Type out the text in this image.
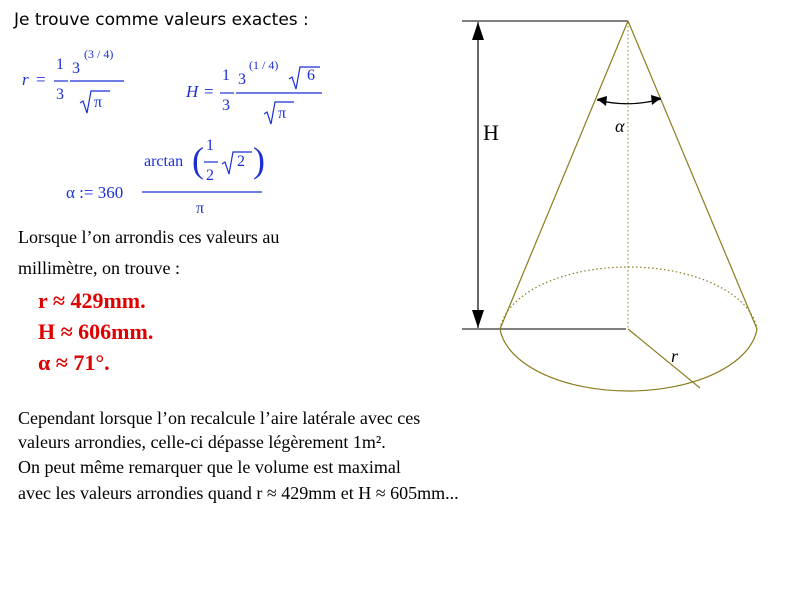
Je trouve comme valeurs exactes :
r =
1
3
3
(3 / 4)
π
H =
1
3
3
(1 / 4)
6
π
α := 360
arctan
1
2
2
π
( )
Lorsque l’on arrondis ces valeurs au
millimètre, on trouve :
r ≈ 429mm.
H ≈ 606mm.
α ≈ 71°.
Cependant lorsque l’on recalcule l’aire latérale avec ces
valeurs arrondies, celle-ci dépasse légèrement 1m².
On peut même remarquer que le volume est maximal
avec les valeurs arrondies quand r ≈ 429mm et H ≈ 605mm...
H	α
r
